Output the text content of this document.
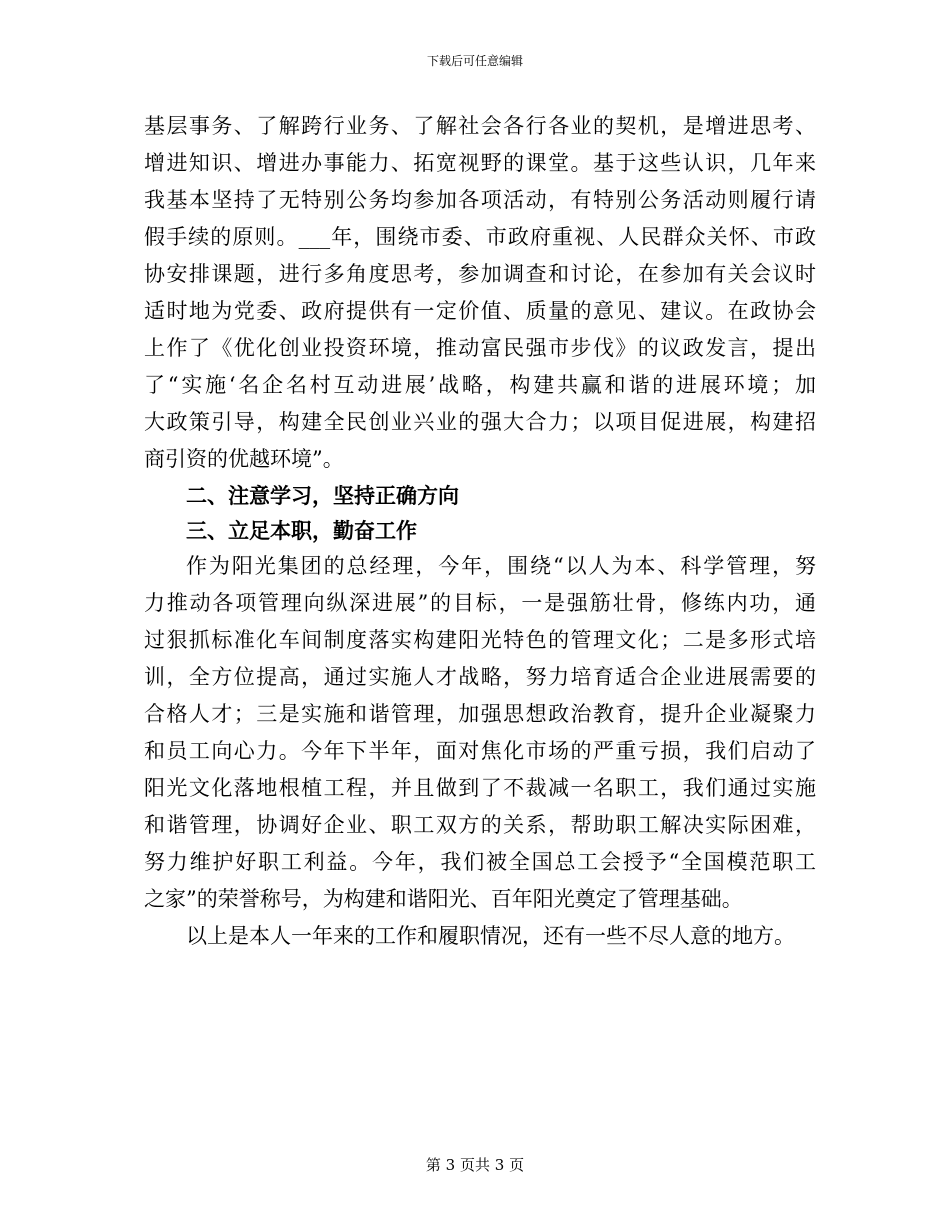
下载后可任意编辑
基层事务、了解跨行业务、了解社会各行各业的契机，是增进思考、
增进知识、增进办事能力、拓宽视野的课堂。基于这些认识，几年来
我基本坚持了无特别公务均参加各项活动，有特别公务活动则履行请
假手续的原则。___年，围绕市委、市政府重视、人民群众关怀、市政
协安排课题，进行多角度思考，参加调查和讨论，在参加有关会议时
适时地为党委、政府提供有一定价值、质量的意见、建议。在政协会
上作了《优化创业投资环境，推动富民强市步伐》的议政发言，提出
了“实施‘名企名村互动进展’战略，构建共赢和谐的进展环境；加
大政策引导，构建全民创业兴业的强大合力；以项目促进展，构建招
商引资的优越环境”。
二、注意学习，坚持正确方向
三、立足本职，勤奋工作
作为阳光集团的总经理，今年，围绕“以人为本、科学管理，努
力推动各项管理向纵深进展”的目标，一是强筋壮骨，修练内功，通
过狠抓标准化车间制度落实构建阳光特色的管理文化；二是多形式培
训，全方位提高，通过实施人才战略，努力培育适合企业进展需要的
合格人才；三是实施和谐管理，加强思想政治教育，提升企业凝聚力
和员工向心力。今年下半年，面对焦化市场的严重亏损，我们启动了
阳光文化落地根植工程，并且做到了不裁减一名职工，我们通过实施
和谐管理，协调好企业、职工双方的关系，帮助职工解决实际困难，
努力维护好职工利益。今年，我们被全国总工会授予“全国模范职工
之家”的荣誉称号，为构建和谐阳光、百年阳光奠定了管理基础。
以上是本人一年来的工作和履职情况，还有一些不尽人意的地方。
第 3 页共 3 页
